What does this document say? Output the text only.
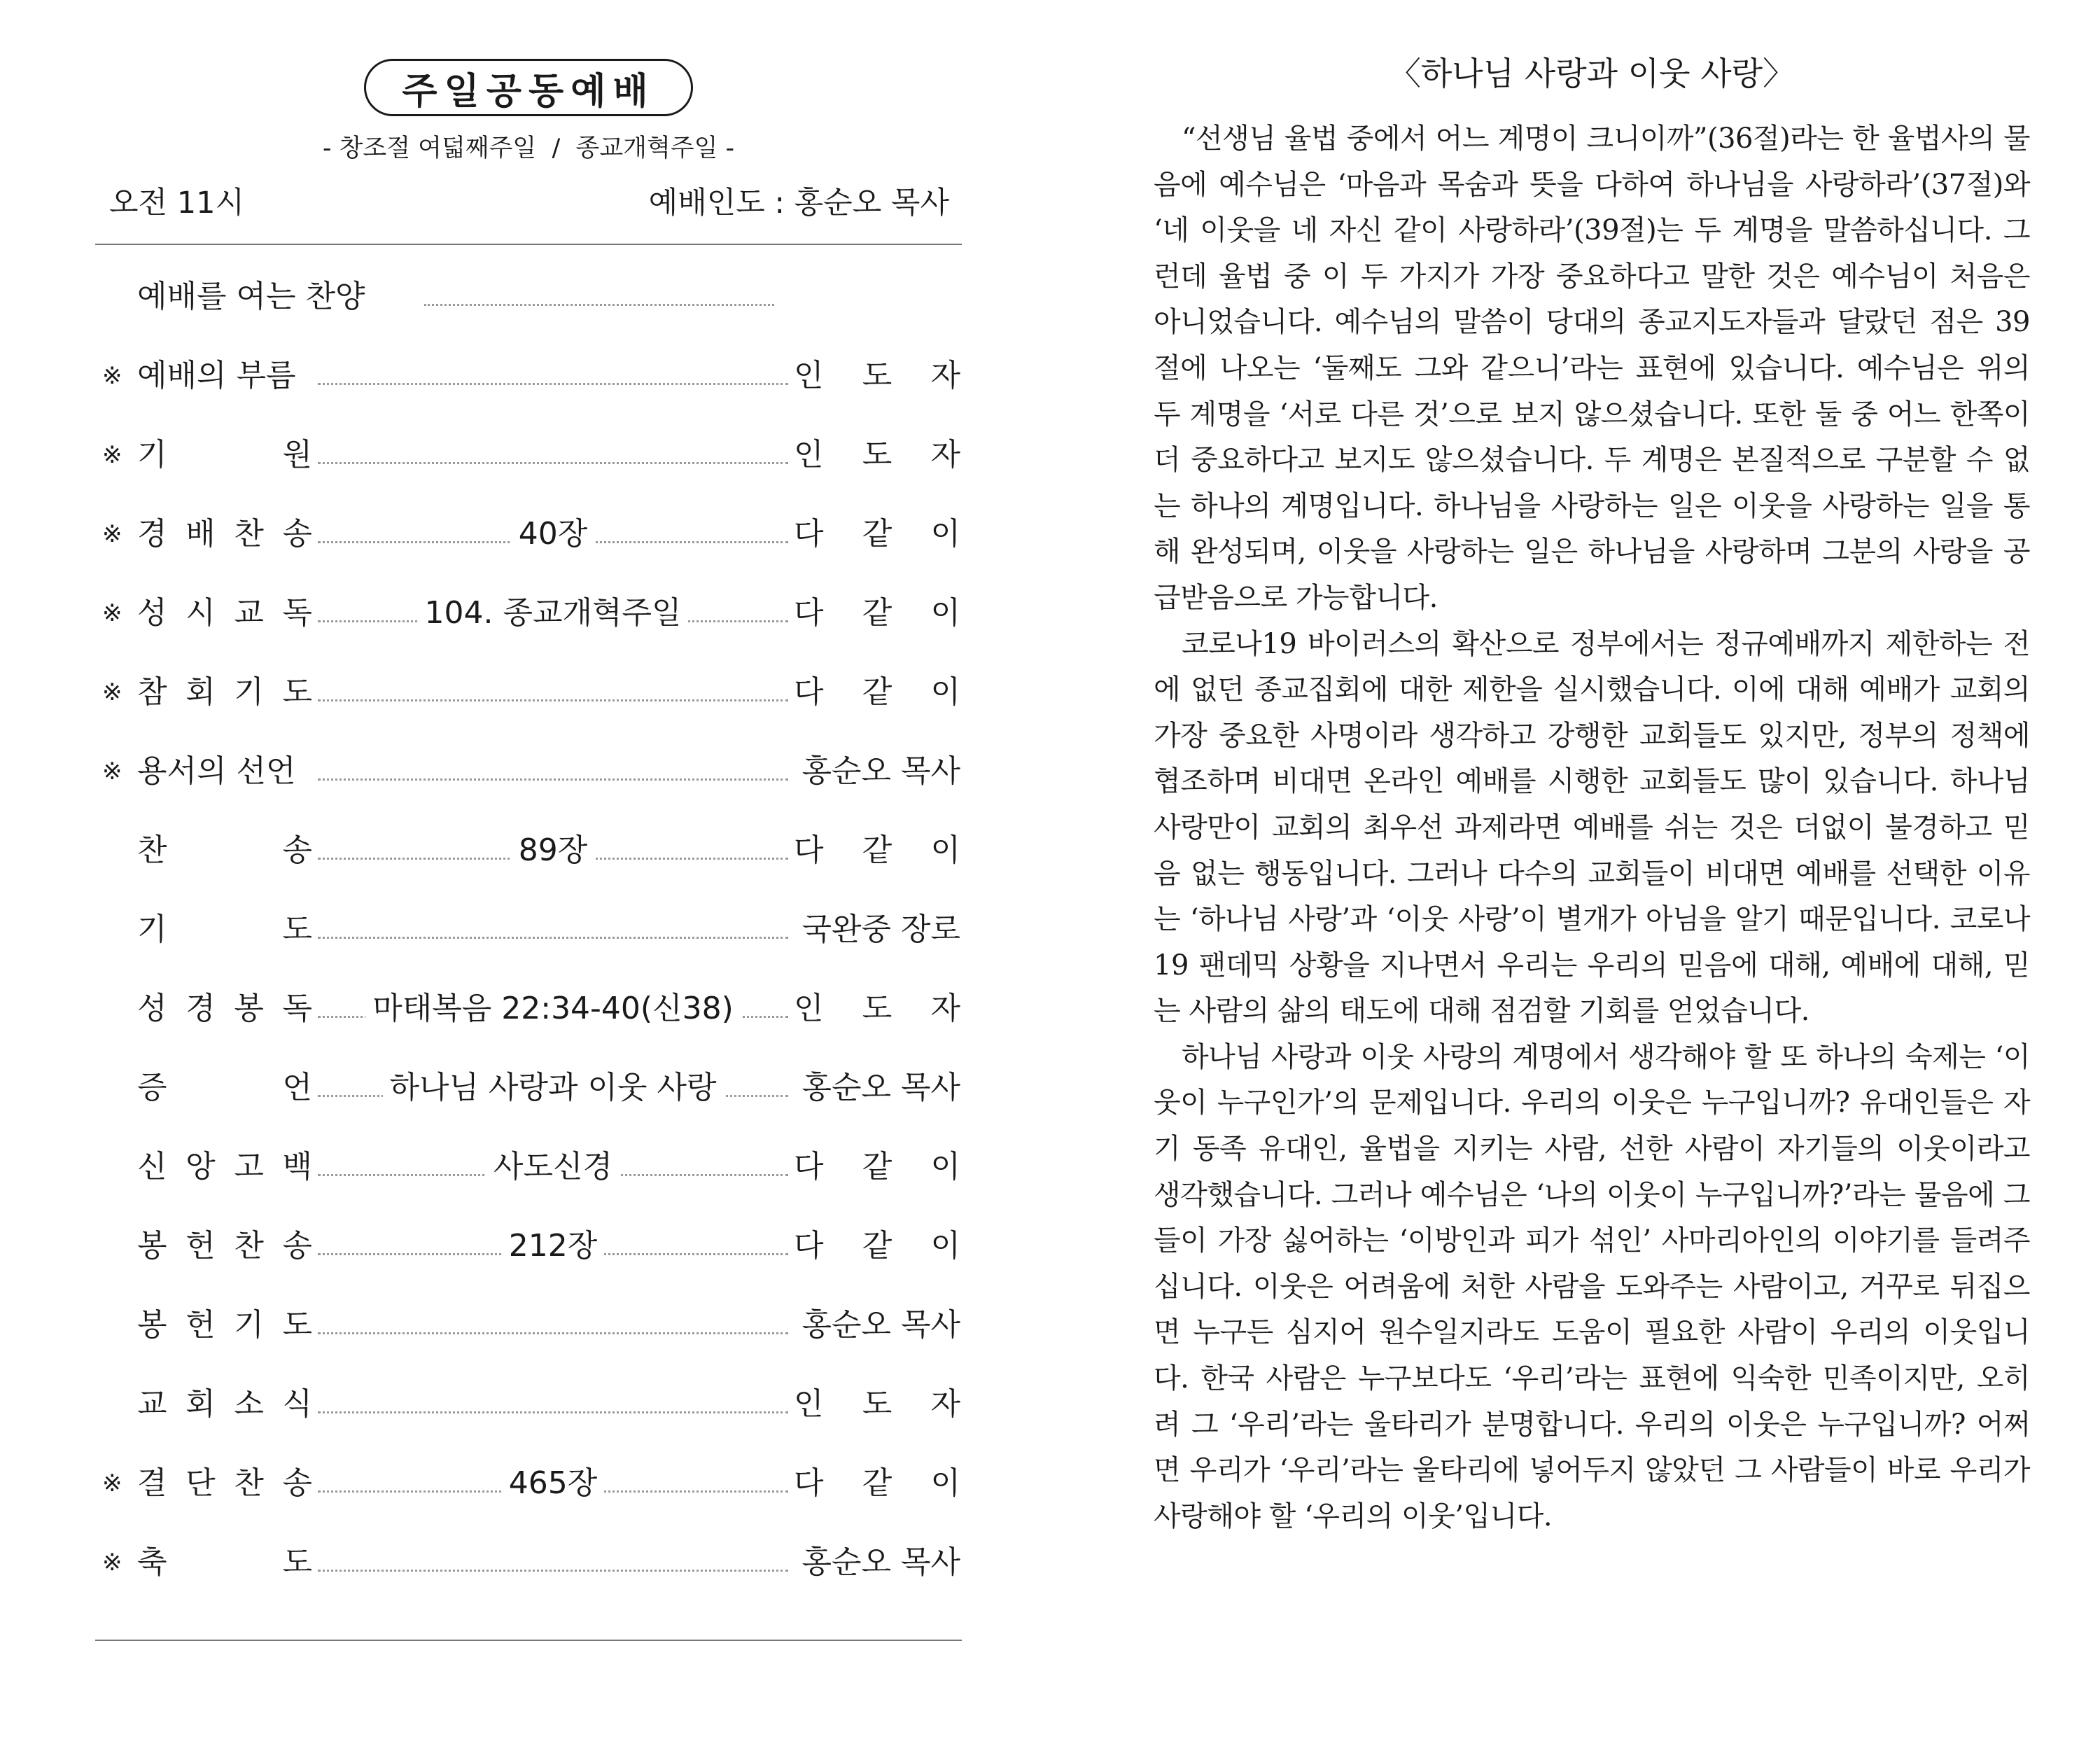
주일공동예배
- 창조절 여덟째주일  /  종교개혁주일 -
오전 11시	예배인도 : 홍순오 목사
예배를 여는 찬양
※ 예배의 부름	인 도 자
※ 기	원	인 도 자
※ 경 배 찬 송	40장	다 같 이
※ 성 시 교 독	104. 종교개혁주일	다 같 이
※ 참 회 기 도	다 같 이
※ 용서의 선언	홍순오 목사
찬	송	89장	다 같 이
기	도	국완중 장로
성 경 봉 독	마태복음 22:34-40(신38)	인 도 자
증	언	하나님 사랑과 이웃 사랑	홍순오 목사
신 앙 고 백	사도신경	다 같 이
봉 헌 찬 송	212장	다 같 이
봉 헌 기 도	홍순오 목사
교 회 소 식	인 도 자
※ 결 단 찬 송	465장	다 같 이
※ 축	도	홍순오 목사
〈하나님 사랑과 이웃 사랑〉

“선생님 율법 중에서 어느 계명이 크니이까”(36절)라는 한 율법사의 물음에 예수님은 ‘마음과 목숨과 뜻을 다하여 하나님을 사랑하라’(37절)와 ‘네 이웃을 네 자신 같이 사랑하라’(39절)는 두 계명을 말씀하십니다. 그런데 율법 중 이 두 가지가 가장 중요하다고 말한 것은 예수님이 처음은 아니었습니다. 예수님의 말씀이 당대의 종교지도자들과 달랐던 점은 39절에 나오는 ‘둘째도 그와 같으니’라는 표현에 있습니다. 예수님은 위의 두 계명을 ‘서로 다른 것’으로 보지 않으셨습니다. 또한 둘 중 어느 한쪽이 더 중요하다고 보지도 않으셨습니다. 두 계명은 본질적으로 구분할 수 없는 하나의 계명입니다. 하나님을 사랑하는 일은 이웃을 사랑하는 일을 통해 완성되며, 이웃을 사랑하는 일은 하나님을 사랑하며 그분의 사랑을 공급받음으로 가능합니다.

코로나19 바이러스의 확산으로 정부에서는 정규예배까지 제한하는 전에 없던 종교집회에 대한 제한을 실시했습니다. 이에 대해 예배가 교회의 가장 중요한 사명이라 생각하고 강행한 교회들도 있지만, 정부의 정책에 협조하며 비대면 온라인 예배를 시행한 교회들도 많이 있습니다. 하나님 사랑만이 교회의 최우선 과제라면 예배를 쉬는 것은 더없이 불경하고 믿음 없는 행동입니다. 그러나 다수의 교회들이 비대면 예배를 선택한 이유는 ‘하나님 사랑’과 ‘이웃 사랑’이 별개가 아님을 알기 때문입니다. 코로나19 팬데믹 상황을 지나면서 우리는 우리의 믿음에 대해, 예배에 대해, 믿는 사람의 삶의 태도에 대해 점검할 기회를 얻었습니다.

하나님 사랑과 이웃 사랑의 계명에서 생각해야 할 또 하나의 숙제는 ‘이웃이 누구인가’의 문제입니다. 우리의 이웃은 누구입니까? 유대인들은 자기 동족 유대인, 율법을 지키는 사람, 선한 사람이 자기들의 이웃이라고 생각했습니다. 그러나 예수님은 ‘나의 이웃이 누구입니까?’라는 물음에 그들이 가장 싫어하는 ‘이방인과 피가 섞인’ 사마리아인의 이야기를 들려주십니다. 이웃은 어려움에 처한 사람을 도와주는 사람이고, 거꾸로 뒤집으면 누구든 심지어 원수일지라도 도움이 필요한 사람이 우리의 이웃입니다. 한국 사람은 누구보다도 ‘우리’라는 표현에 익숙한 민족이지만, 오히려 그 ‘우리’라는 울타리가 분명합니다. 우리의 이웃은 누구입니까? 어쩌면 우리가 ‘우리’라는 울타리에 넣어두지 않았던 그 사람들이 바로 우리가 사랑해야 할 ‘우리의 이웃’입니다.
